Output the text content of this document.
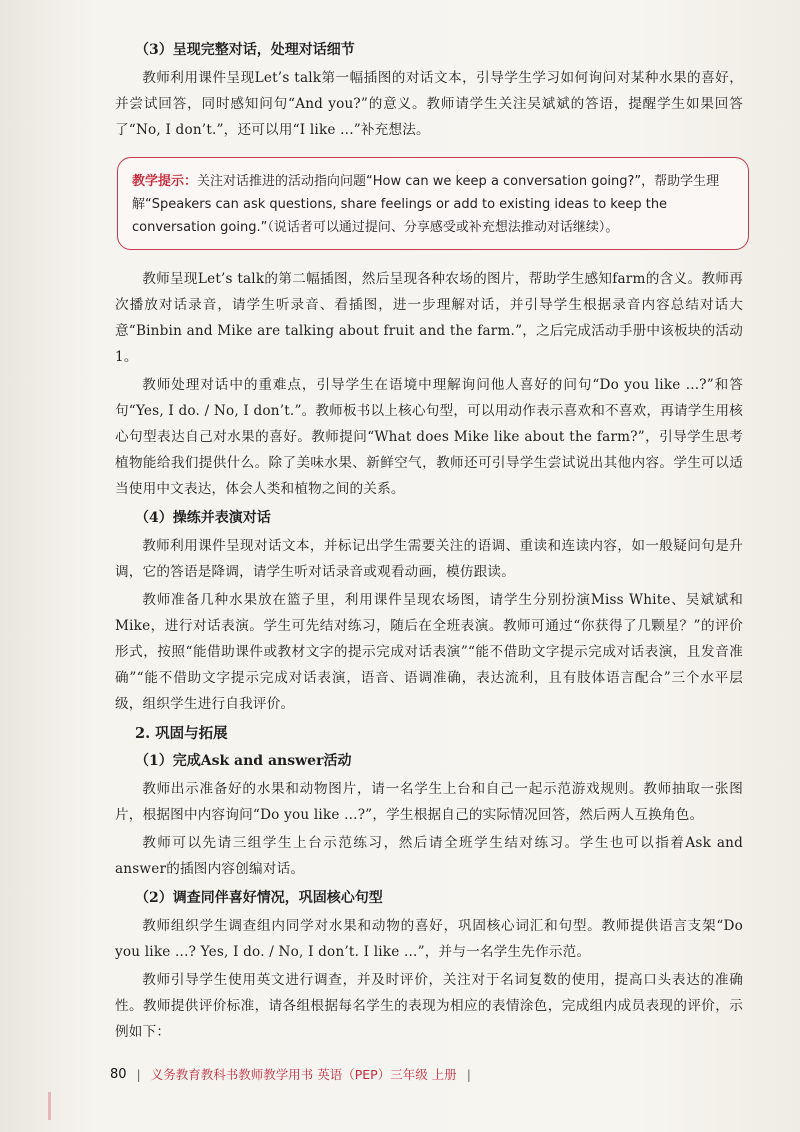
（3）呈现完整对话，处理对话细节

教师利用课件呈现Let’s talk第一幅插图的对话文本，引导学生学习如何询问对某种水果的喜好，并尝试回答，同时感知问句“And you?”的意义。教师请学生关注吴斌斌的答语，提醒学生如果回答了“No, I don’t.”，还可以用“I like ...”补充想法。

教学提示：关注对话推进的活动指向问题“How can we keep a conversation going?”，帮助学生理解“Speakers can ask questions, share feelings or add to existing ideas to keep the conversation going.”（说话者可以通过提问、分享感受或补充想法推动对话继续）。

教师呈现Let’s talk的第二幅插图，然后呈现各种农场的图片，帮助学生感知farm的含义。教师再次播放对话录音，请学生听录音、看插图，进一步理解对话，并引导学生根据录音内容总结对话大意“Binbin and Mike are talking about fruit and the farm.”，之后完成活动手册中该板块的活动1。

教师处理对话中的重难点，引导学生在语境中理解询问他人喜好的问句“Do you like ...?”和答句“Yes, I do. / No, I don’t.”。教师板书以上核心句型，可以用动作表示喜欢和不喜欢，再请学生用核心句型表达自己对水果的喜好。教师提问“What does Mike like about the farm?”，引导学生思考植物能给我们提供什么。除了美味水果、新鲜空气，教师还可引导学生尝试说出其他内容。学生可以适当使用中文表达，体会人类和植物之间的关系。

（4）操练并表演对话

教师利用课件呈现对话文本，并标记出学生需要关注的语调、重读和连读内容，如一般疑问句是升调，它的答语是降调，请学生听对话录音或观看动画，模仿跟读。

教师准备几种水果放在篮子里，利用课件呈现农场图，请学生分别扮演Miss White、吴斌斌和Mike，进行对话表演。学生可先结对练习，随后在全班表演。教师可通过“你获得了几颗星？”的评价形式，按照“能借助课件或教材文字的提示完成对话表演”“能不借助文字提示完成对话表演，且发音准确”“能不借助文字提示完成对话表演，语音、语调准确，表达流利，且有肢体语言配合”三个水平层级，组织学生进行自我评价。

2. 巩固与拓展
（1）完成Ask and answer活动

教师出示准备好的水果和动物图片，请一名学生上台和自己一起示范游戏规则。教师抽取一张图片，根据图中内容询问“Do you like ...?”，学生根据自己的实际情况回答，然后两人互换角色。

教师可以先请三组学生上台示范练习，然后请全班学生结对练习。学生也可以指着Ask and answer的插图内容创编对话。

（2）调查同伴喜好情况，巩固核心句型

教师组织学生调查组内同学对水果和动物的喜好，巩固核心词汇和句型。教师提供语言支架“Do you like ...? Yes, I do. / No, I don’t. I like ...”，并与一名学生先作示范。

教师引导学生使用英文进行调查，并及时评价，关注对于名词复数的使用，提高口头表达的准确性。教师提供评价标准，请各组根据每名学生的表现为相应的表情涂色，完成组内成员表现的评价，示例如下：

80 | 义务教育教科书教师教学用书 英语（PEP）三年级 上册 |
